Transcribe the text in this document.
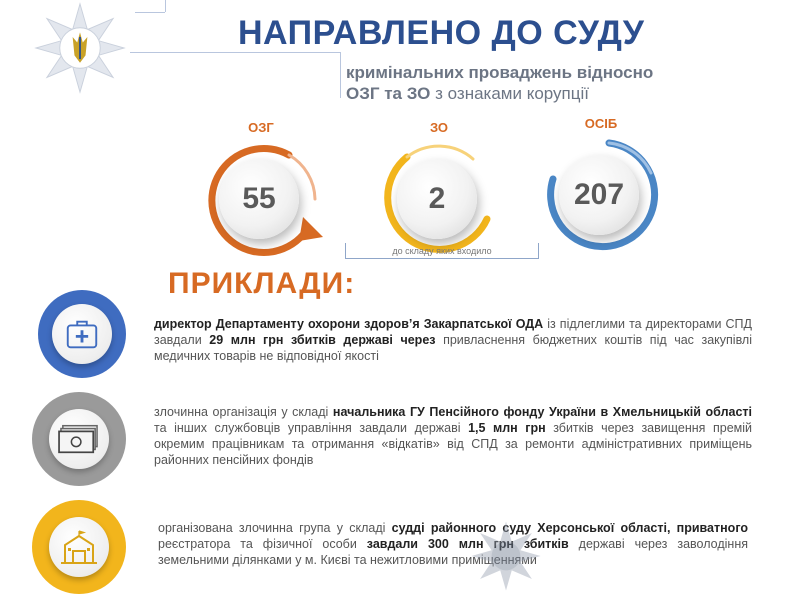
НАПРАВЛЕНО ДО СУДУ
кримінальних проваджень відносно
ОЗГ та ЗО з ознаками корупції
ОЗГ
55
ЗО
2
ОСІБ
207
до складу яких входило
ПРИКЛАДИ:
директор Департаменту охорони здоров’я Закарпатської ОДА із підлеглими та директорами СПД завдали 29 млн грн збитків державі через привласнення бюджетних коштів під час закупівлі медичних товарів не відповідної якості
злочинна організація у складі начальника ГУ Пенсійного фонду України в Хмельницькій області та інших службовців управління завдали державі 1,5 млн грн збитків через завищення премій окремим працівникам та отримання «відкатів» від СПД за ремонти адміністративних приміщень районних пенсійних фондів
організована злочинна група у складі судді районного суду Херсонської області, приватного реєстратора та фізичної особи завдали 300 млн грн збитків державі через заволодіння земельними ділянками у м. Києві та нежитловими приміщеннями
